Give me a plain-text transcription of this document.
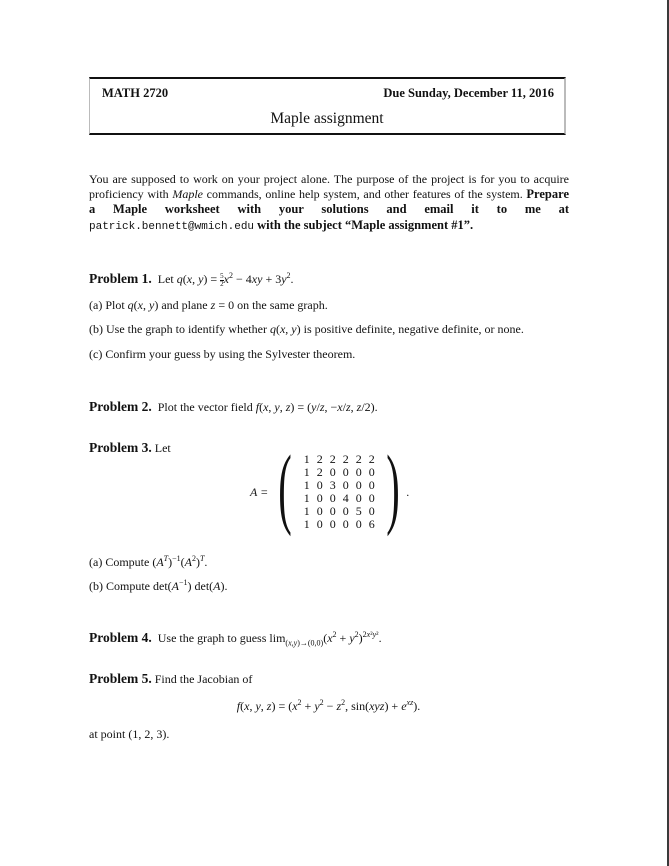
MATH 2720	Due Sunday, December 11, 2016
Maple assignment
You are supposed to work on your project alone. The purpose of the project is for you to acquire proficiency with Maple commands, online help system, and other features of the system. Prepare a Maple worksheet with your solutions and email it to me at patrick.bennett@wmich.edu with the subject “Maple assignment #1”.
Problem 1.  Let q(x, $y) = \frac{5}{2} x^2 - 4xy + 3y^2$.
(a) Plot q(x, y) and plane z = 0 on the same graph.
(b) Use the graph to identify whether q(x, y) is positive definite, negative definite, or none.
(c) Confirm your guess by using the Sylvester theorem.
Problem 2.  Plot the vector field f(x, y, z) = (y/z, −x/z, z/2).
Problem 3. Let
A = ( 1	2	2	2	2	2
1	2	0	0	0	0
1	0	3	0	0	0
1	0	0	4	0	0
1	0	0	0	5	0
1	0	0	0	0	6 ) .
(a) Compute $(A^T)^{-1}(A^2)^T$.
(b) Compute $\det(A^{-1})$ det(A).
Problem 4.  Use the graph to guess $\lim_{(x,y)\to(0,0)}(x^2 + y^2)^{2x^2y^2}$.
Problem 5. Find the Jacobian of
f(x, y, $z) = (x^2 + y^2 - z^2$, $\sin(xyz) + e^{xz}$).
at point (1, 2, 3).
